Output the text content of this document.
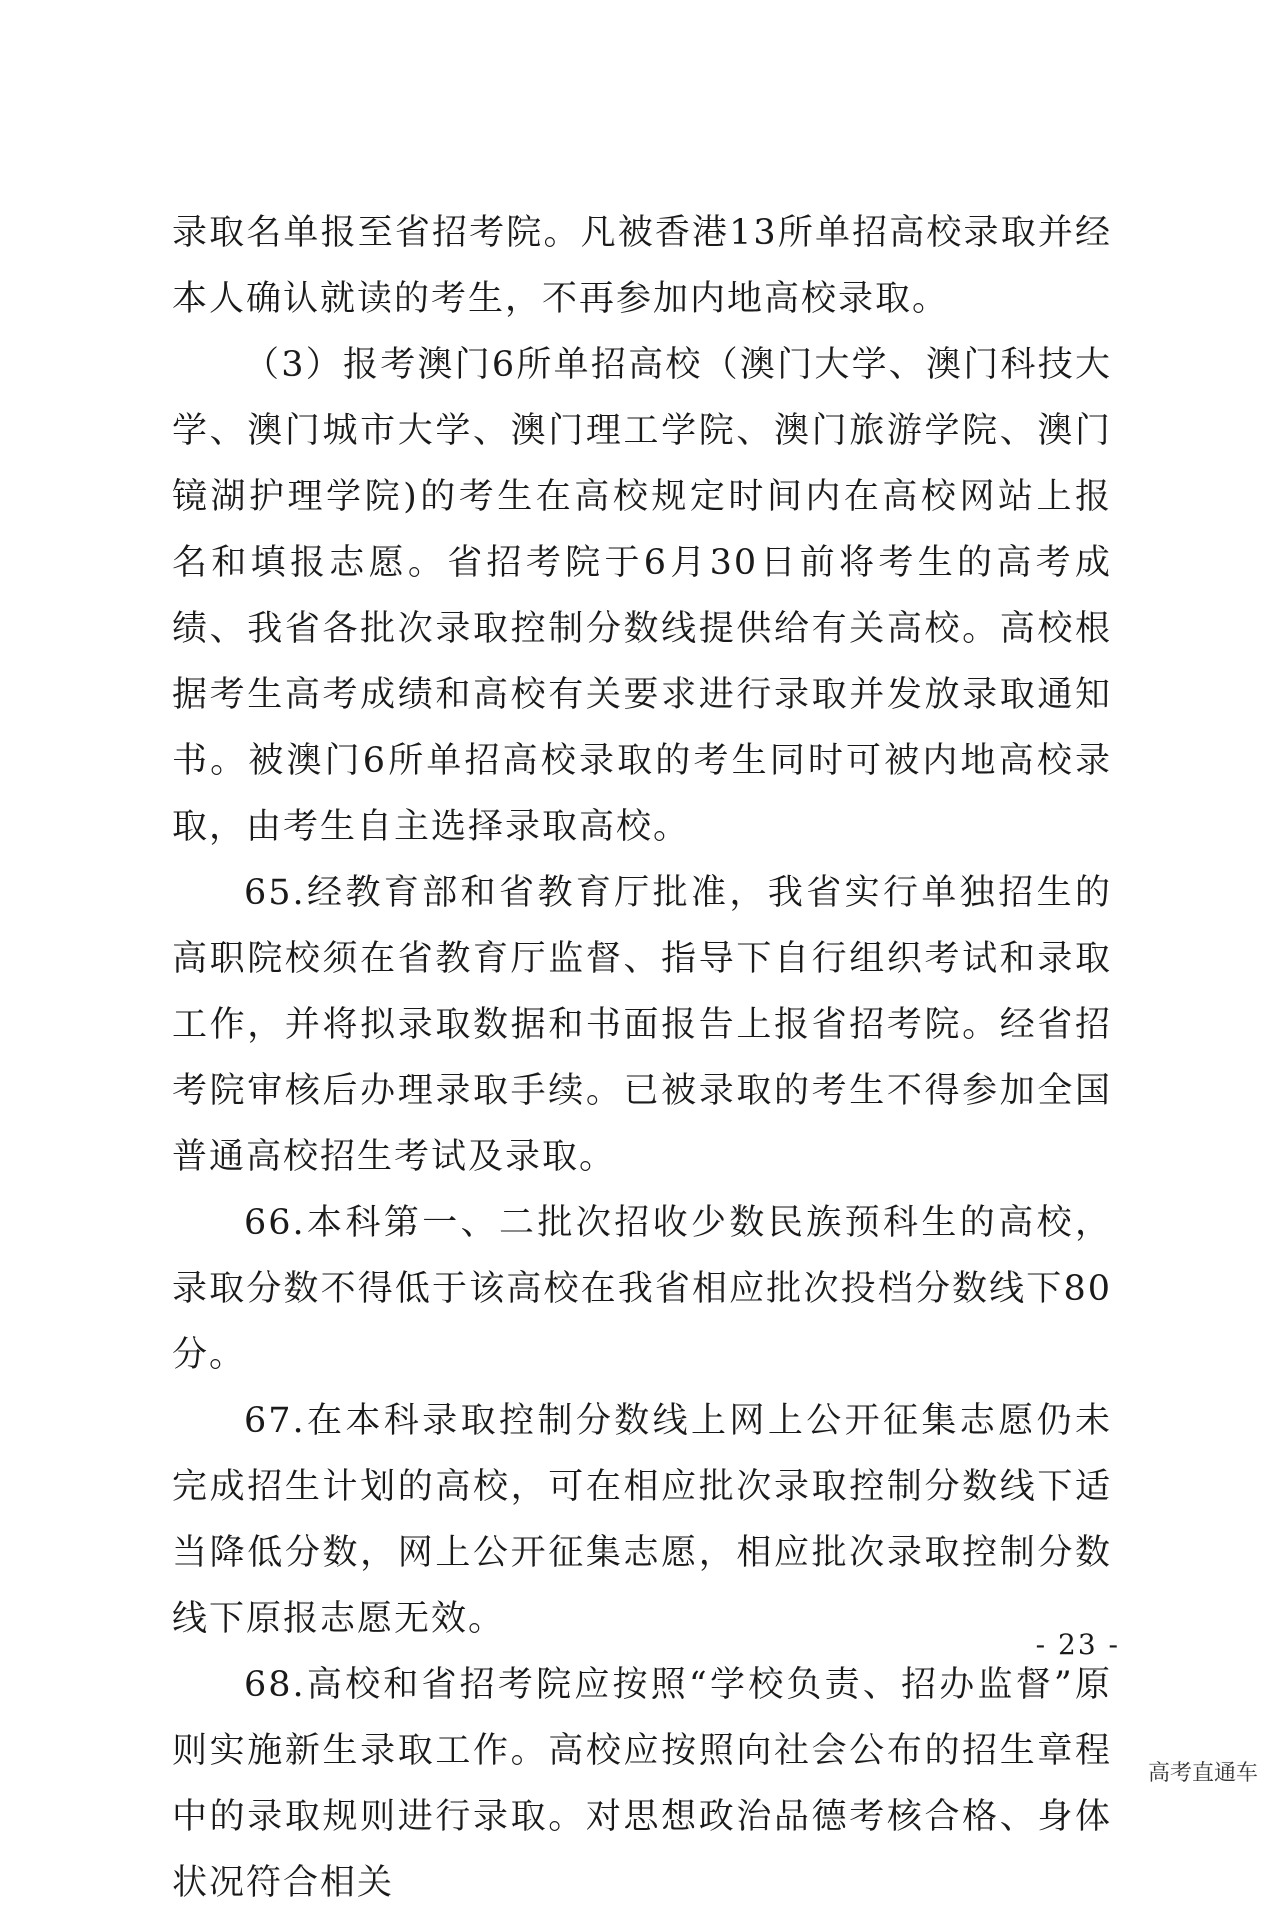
录取名单报至省招考院。凡被香港13所单招高校录取并经本人确认就读的考生，不再参加内地高校录取。

（3）报考澳门6所单招高校（澳门大学、澳门科技大学、澳门城市大学、澳门理工学院、澳门旅游学院、澳门镜湖护理学院)的考生在高校规定时间内在高校网站上报名和填报志愿。省招考院于6月30日前将考生的高考成绩、我省各批次录取控制分数线提供给有关高校。高校根据考生高考成绩和高校有关要求进行录取并发放录取通知书。被澳门6所单招高校录取的考生同时可被内地高校录取，由考生自主选择录取高校。

65.经教育部和省教育厅批准，我省实行单独招生的高职院校须在省教育厅监督、指导下自行组织考试和录取工作，并将拟录取数据和书面报告上报省招考院。经省招考院审核后办理录取手续。已被录取的考生不得参加全国普通高校招生考试及录取。

66.本科第一、二批次招收少数民族预科生的高校，录取分数不得低于该高校在我省相应批次投档分数线下80分。

67.在本科录取控制分数线上网上公开征集志愿仍未完成招生计划的高校，可在相应批次录取控制分数线下适当降低分数，网上公开征集志愿，相应批次录取控制分数线下原报志愿无效。

68.高校和省招考院应按照“学校负责、招办监督”原则实施新生录取工作。高校应按照向社会公布的招生章程中的录取规则进行录取。对思想政治品德考核合格、身体状况符合相关

- 23 -
高考直通车
